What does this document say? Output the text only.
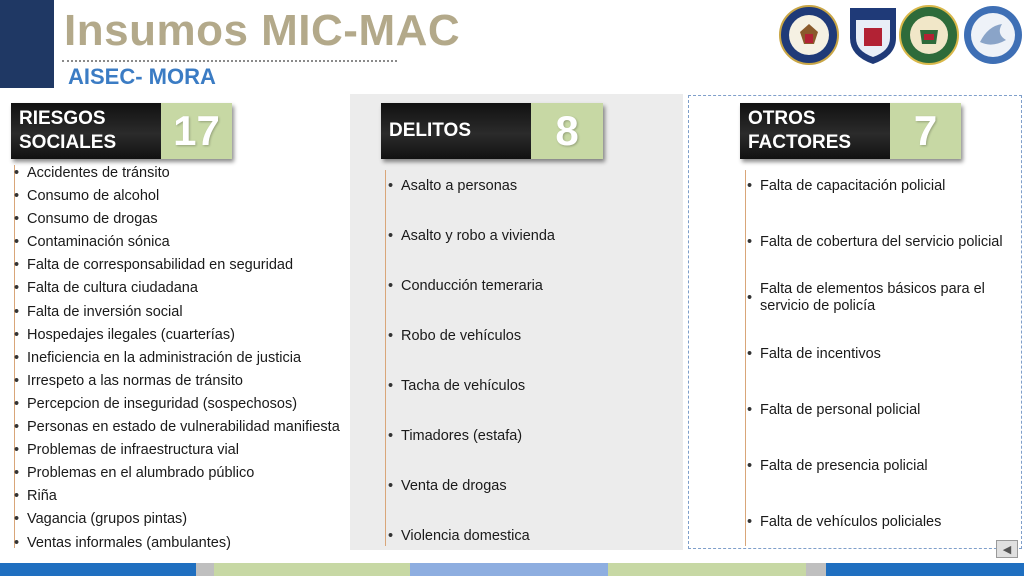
Insumos MIC-MAC
AISEC- MORA
RIESGOS SOCIALES	17	DELITOS	8	OTROS FACTORES	7
• Accidentes de tránsito
• Consumo de alcohol
• Consumo de drogas
• Contaminación sónica
• Falta de corresponsabilidad en seguridad
• Falta de cultura ciudadana
• Falta de inversión social
• Hospedajes ilegales (cuarterías)
• Ineficiencia en la administración de justicia
• Irrespeto a las normas de tránsito
• Percepcion de inseguridad (sospechosos)
• Personas en estado de vulnerabilidad manifiesta
• Problemas de infraestructura vial
• Problemas en el alumbrado público
• Riña
• Vagancia (grupos pintas)
• Ventas informales (ambulantes)
• Asalto a personas
• Asalto y robo a vivienda
• Conducción temeraria
• Robo de vehículos
• Tacha de vehículos
• Timadores (estafa)
• Venta de drogas
• Violencia domestica
• Falta de capacitación policial
• Falta de cobertura del servicio policial
• Falta de elementos básicos para el servicio de policía
• Falta de incentivos
• Falta de personal policial
• Falta de presencia policial
• Falta de vehículos policiales
◀
